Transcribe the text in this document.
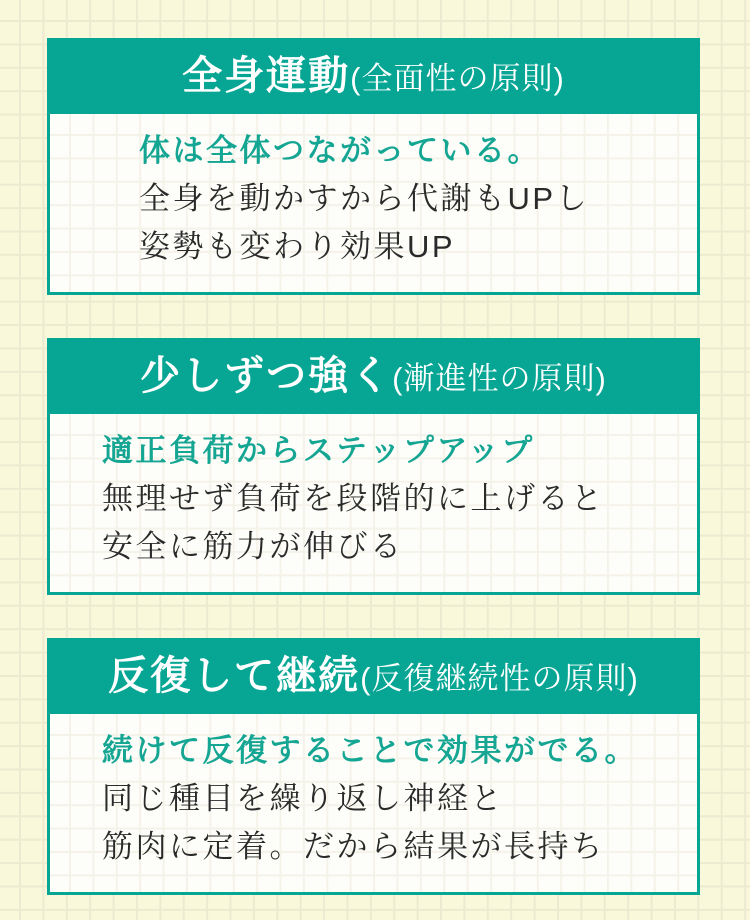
全身運動(全面性の原則)
体は全体つながっている。
全身を動かすから代謝もUPし
姿勢も変わり効果UP
少しずつ強く(漸進性の原則)
適正負荷からステップアップ
無理せず負荷を段階的に上げると
安全に筋力が伸びる
反復して継続(反復継続性の原則)
続けて反復することで効果がでる。
同じ種目を繰り返し神経と
筋肉に定着。だから結果が長持ち
